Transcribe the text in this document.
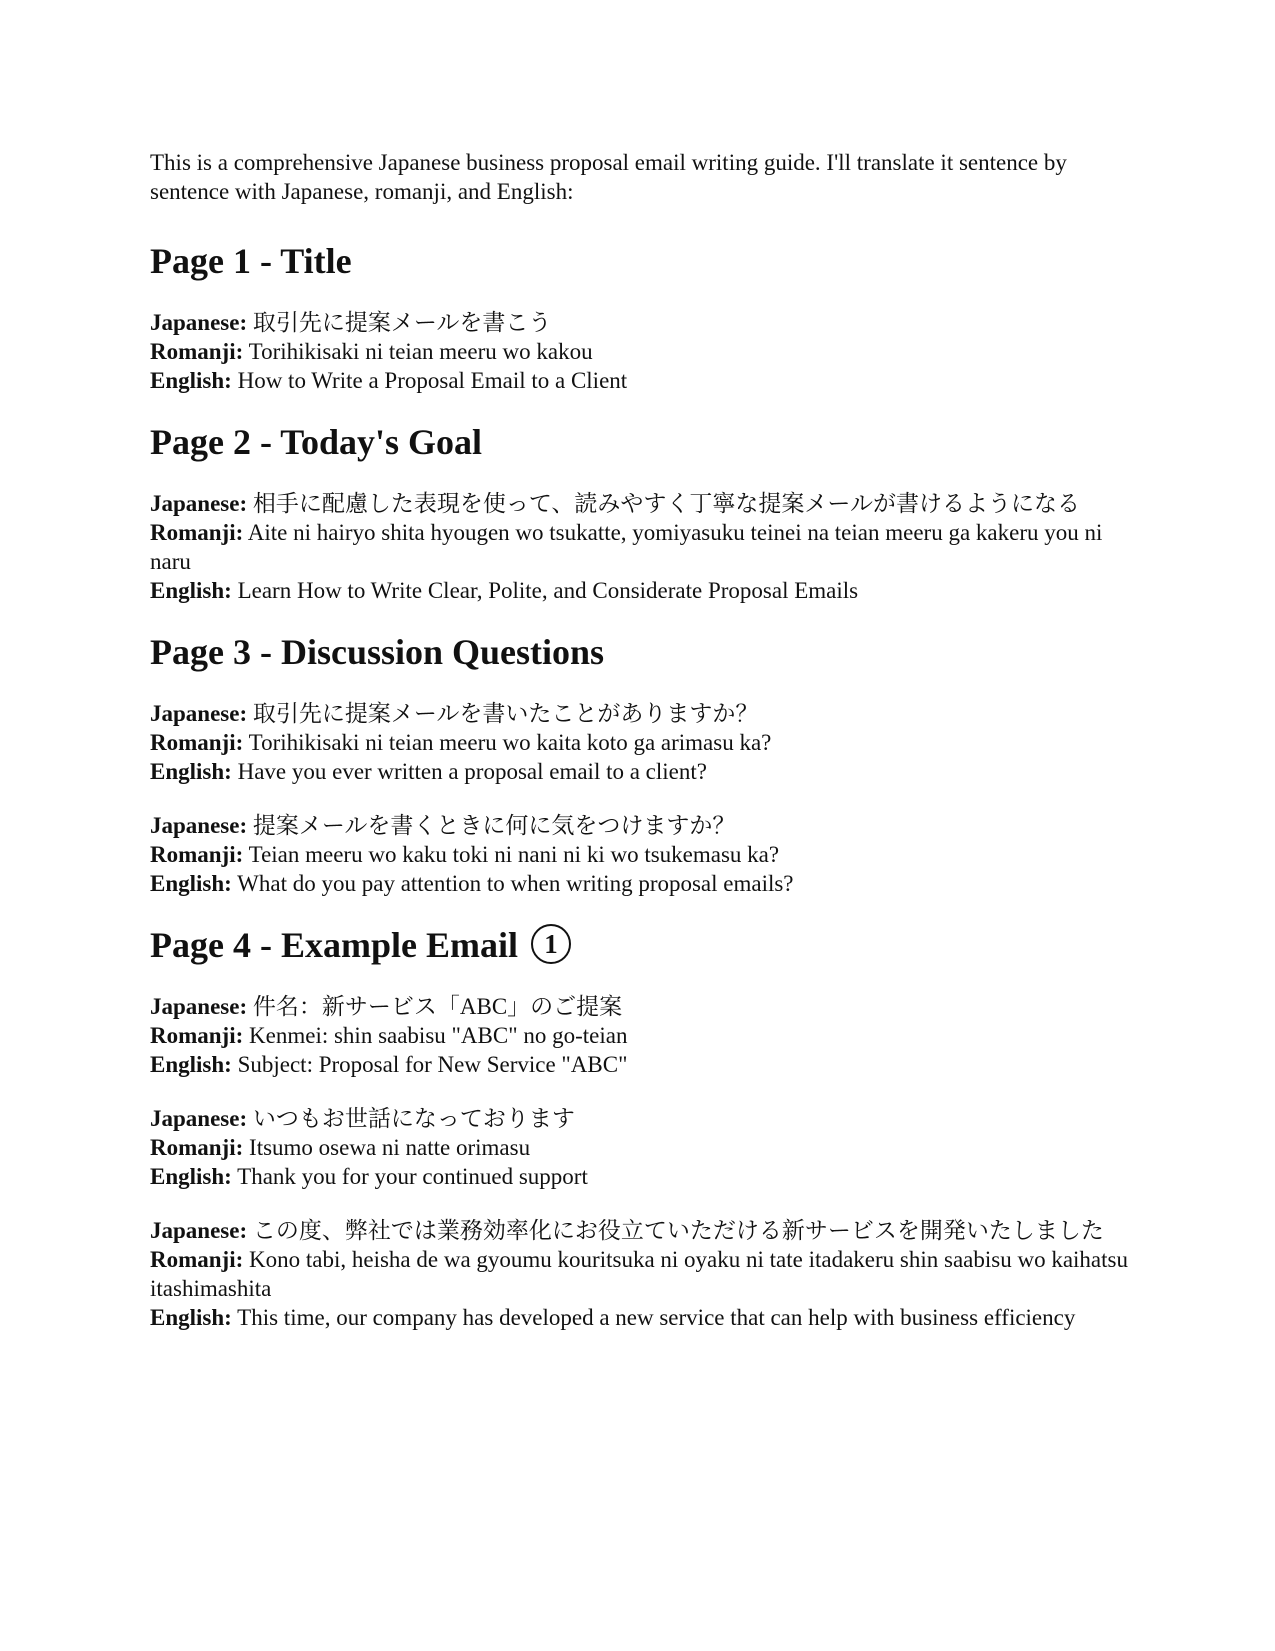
This is a comprehensive Japanese business proposal email writing guide. I'll translate it sentence by sentence with Japanese, romanji, and English:

Page 1 - Title

Japanese: 取引先に提案メールを書こう

Romanji: Torihikisaki ni teian meeru wo kakou

English: How to Write a Proposal Email to a Client

Page 2 - Today's Goal

Japanese: 相手に配慮した表現を使って、読みやすく丁寧な提案メールが書けるようになる

Romanji: Aite ni hairyo shita hyougen wo tsukatte, yomiyasuku teinei na teian meeru ga kakeru you ni naru

English: Learn How to Write Clear, Polite, and Considerate Proposal Emails

Page 3 - Discussion Questions

Japanese: 取引先に提案メールを書いたことがありますか？

Romanji: Torihikisaki ni teian meeru wo kaita koto ga arimasu ka?

English: Have you ever written a proposal email to a client?

Japanese: 提案メールを書くときに何に気をつけますか？

Romanji: Teian meeru wo kaku toki ni nani ni ki wo tsukemasu ka?

English: What do you pay attention to when writing proposal emails?

Page 4 - Example Email 1

Japanese: 件名：新サービス「ABC」のご提案

Romanji: Kenmei: shin saabisu "ABC" no go-teian

English: Subject: Proposal for New Service "ABC"

Japanese: いつもお世話になっております

Romanji: Itsumo osewa ni natte orimasu

English: Thank you for your continued support

Japanese: この度、弊社では業務効率化にお役立ていただける新サービスを開発いたしました

Romanji: Kono tabi, heisha de wa gyoumu kouritsuka ni oyaku ni tate itadakeru shin saabisu wo kaihatsu itashimashita

English: This time, our company has developed a new service that can help with business efficiency
